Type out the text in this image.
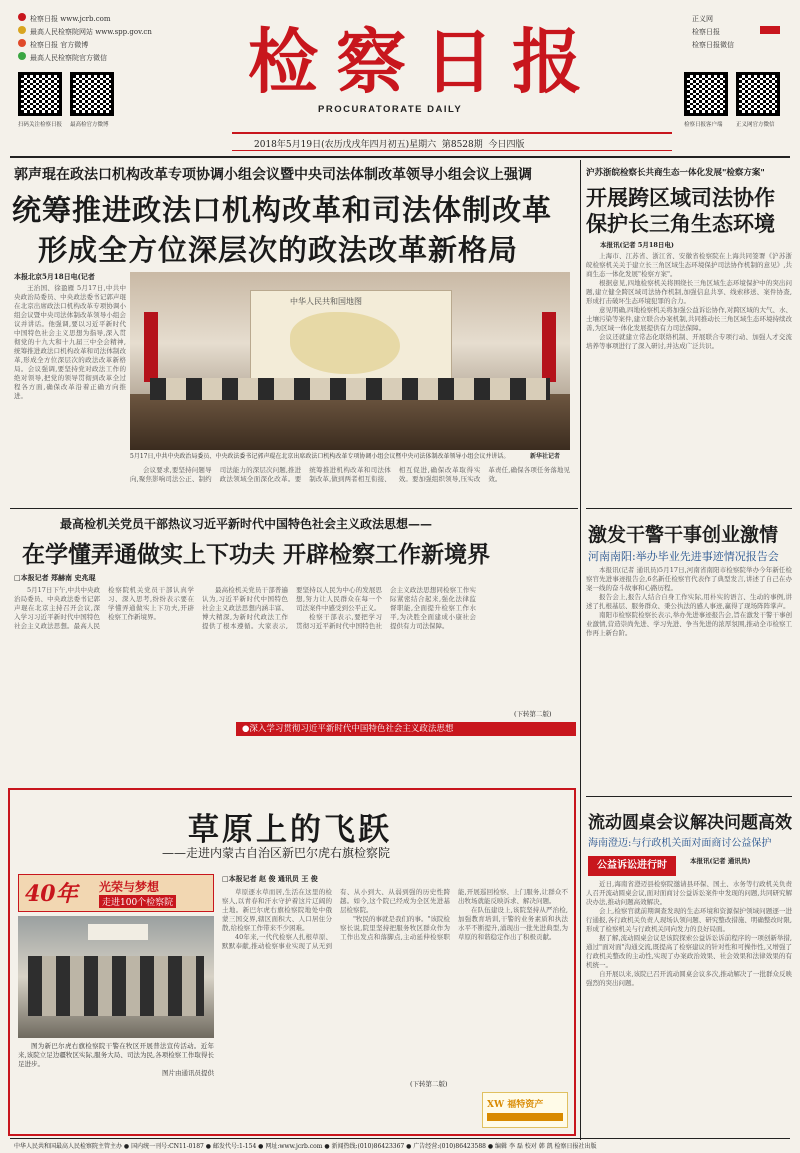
检察日报 www.jcrb.com
最高人民检察院网站 www.spp.gov.cn
检察日报 官方微博
最高人民检察院官方微信
扫码关注检察日报 最高检官方微博
检察日报
PROCURATORATE DAILY
正义网
检察日报
检察日报微信
检察日报客户端 正义网官方微信
2018年5月19日(农历戊戌年四月初五)星期六 第8528期 今日四版
郭声琨在政法口机构改革专项协调小组会议暨中央司法体制改革领导小组会议上强调
统筹推进政法口机构改革和司法体制改革
形成全方位深层次的政法改革新格局
本报北京5月18日电(记者

王治国、徐盈雁 5月17日,中共中央政治局委员、中央政法委书记郭声琨在北京出席政法口机构改革专项协调小组会议暨中央司法体制改革领导小组会议并讲话。他强调,要以习近平新时代中国特色社会主义思想为指导,深入贯彻党的十九大和十九届三中全会精神,统筹推进政法口机构改革和司法体制改革,形成全方位深层次的政法改革新格局。会议强调,要坚持党对政法工作的绝对领导,把党的领导贯彻到改革全过程各方面,确保改革沿着正确方向推进。

中华人民共和国地图
5月17日,中共中央政治局委员、中央政法委书记郭声琨在北京出席政法口机构改革专项协调小组会议暨中央司法体制改革领导小组会议并讲话。	新华社记者

会议要求,要坚持问题导向,聚焦影响司法公正、制约司法能力的深层次问题,推进政法领域全面深化改革。要统筹推进机构改革和司法体制改革,做到两者相互衔接、相互促进,确保改革取得实效。要加强组织领导,压实改革责任,确保各项任务落地见效。

最高检机关党员干部热议习近平新时代中国特色社会主义政法思想——
在学懂弄通做实上下功夫 开辟检察工作新境界
□本报记者 郑赫南 史兆琨

5月17日下午,中共中央政治局委员、中央政法委书记郭声琨在北京主持召开会议,深入学习习近平新时代中国特色社会主义政法思想。最高人民检察院机关党员干部认真学习、深入思考,纷纷表示要在学懂弄通做实上下功夫,开辟检察工作新境界。

最高检机关党员干部普遍认为,习近平新时代中国特色社会主义政法思想内涵丰富、博大精深,为新时代政法工作提供了根本遵循。大家表示,要坚持以人民为中心的发展思想,努力让人民群众在每一个司法案件中感受到公平正义。

检察干部表示,要把学习贯彻习近平新时代中国特色社会主义政法思想同检察工作实际紧密结合起来,强化法律监督职能,全面提升检察工作水平,为决胜全面建成小康社会提供有力司法保障。

●深入学习贯彻习近平新时代中国特色社会主义政法思想
(下转第二版)
草原上的飞跃
——走进内蒙古自治区新巴尔虎右旗检察院
40年 光荣与梦想
走进100个检察院

图为新巴尔虎右旗检察院干警在牧区开展普法宣传活动。近年来,该院立足边疆牧区实际,服务大局、司法为民,各项检察工作取得长足进步。

图片由通讯员提供

□本报记者 赵 俊 通讯员 王 俊

草原逐水草而居,生活在这里的检察人,以青春和汗水守护着这片辽阔的土地。新巴尔虎右旗检察院地处中俄蒙三国交界,辖区面积大、人口居住分散,给检察工作带来不少困难。

40年来,一代代检察人扎根草原、默默奉献,推动检察事业实现了从无到有、从小到大、从弱到强的历史性跨越。如今,这个院已经成为全区先进基层检察院。

"牧民的事就是我们的事。"该院检察长说,院里坚持把服务牧区群众作为工作出发点和落脚点,主动延伸检察职能,开展巡回检察、上门服务,让群众不出牧场就能反映诉求、解决问题。

在队伍建设上,该院坚持从严治检,加强教育培训,干警的业务素质和执法水平不断提升,涌现出一批先进典型,为草原的和谐稳定作出了积极贡献。

XW 福特资产
(下转第二版)
沪苏浙皖检察长共商生态一体化发展"检察方案"
开展跨区域司法协作
保护长三角生态环境
本报讯(记者 5月18日电)

上海市、江苏省、浙江省、安徽省检察院在上海共同签署《沪苏浙皖检察机关关于建立长三角区域生态环境保护司法协作机制的意见》,共商生态一体化发展"检察方案"。

根据意见,四地检察机关将围绕长三角区域生态环境保护中的突出问题,建立健全跨区域司法协作机制,加强信息共享、线索移送、案件协查,形成打击破坏生态环境犯罪的合力。

意见明确,四地检察机关将加强公益诉讼协作,对跨区域的大气、水、土壤污染等案件,建立联合办案机制,共同推动长三角区域生态环境持续改善,为区域一体化发展提供有力司法保障。

会议还就建立常态化联络机制、开展联合专项行动、加强人才交流培养等事项进行了深入研讨,并达成广泛共识。

激发干警干事创业激情
河南南阳:举办毕业先进事迹情况报告会

本报讯(记者 通讯员)5月17日,河南省南阳市检察院举办今年新任检察官先进事迹报告会,6名新任检察官代表作了典型发言,讲述了自己在办案一线的奋斗故事和心路历程。

报告会上,报告人结合自身工作实际,用朴实的语言、生动的事例,讲述了扎根基层、服务群众、秉公执法的感人事迹,赢得了现场阵阵掌声。

南阳市检察院检察长表示,举办先进事迹报告会,旨在激发干警干事创业激情,营造崇尚先进、学习先进、争当先进的浓厚氛围,推动全市检察工作再上新台阶。

流动圆桌会议解决问题高效
海南澄迈:与行政机关面对面商讨公益保护
公益诉讼进行时	本报讯(记者 通讯员)

近日,海南省澄迈县检察院邀请县环保、国土、水务等行政机关负责人召开流动圆桌会议,面对面商讨公益诉讼案件中发现的问题,共同研究解决办法,推动问题高效解决。

会上,检察官就前期调查发现的生态环境和资源保护领域问题逐一进行通报,各行政机关负责人现场认领问题、研究整改措施、明确整改时限,形成了检察机关与行政机关同向发力的良好局面。

据了解,流动圆桌会议是该院探索公益诉讼诉前程序的一项创新举措,通过"面对面"沟通交流,既提高了检察建议的针对性和可操作性,又增强了行政机关整改的主动性,实现了办案政治效果、社会效果和法律效果的有机统一。

自开展以来,该院已召开流动圆桌会议多次,推动解决了一批群众反映强烈的突出问题。

中华人民共和国最高人民检察院主管主办 ● 国内统一刊号:CN11-0187 ● 邮发代号:1-154 ● 网址:www.jcrb.com ● 新闻热线:(010)86423367 ● 广告经营:(010)86423588 ● 编辑 李 磊 校对 韩 凯 检察日报社出版
